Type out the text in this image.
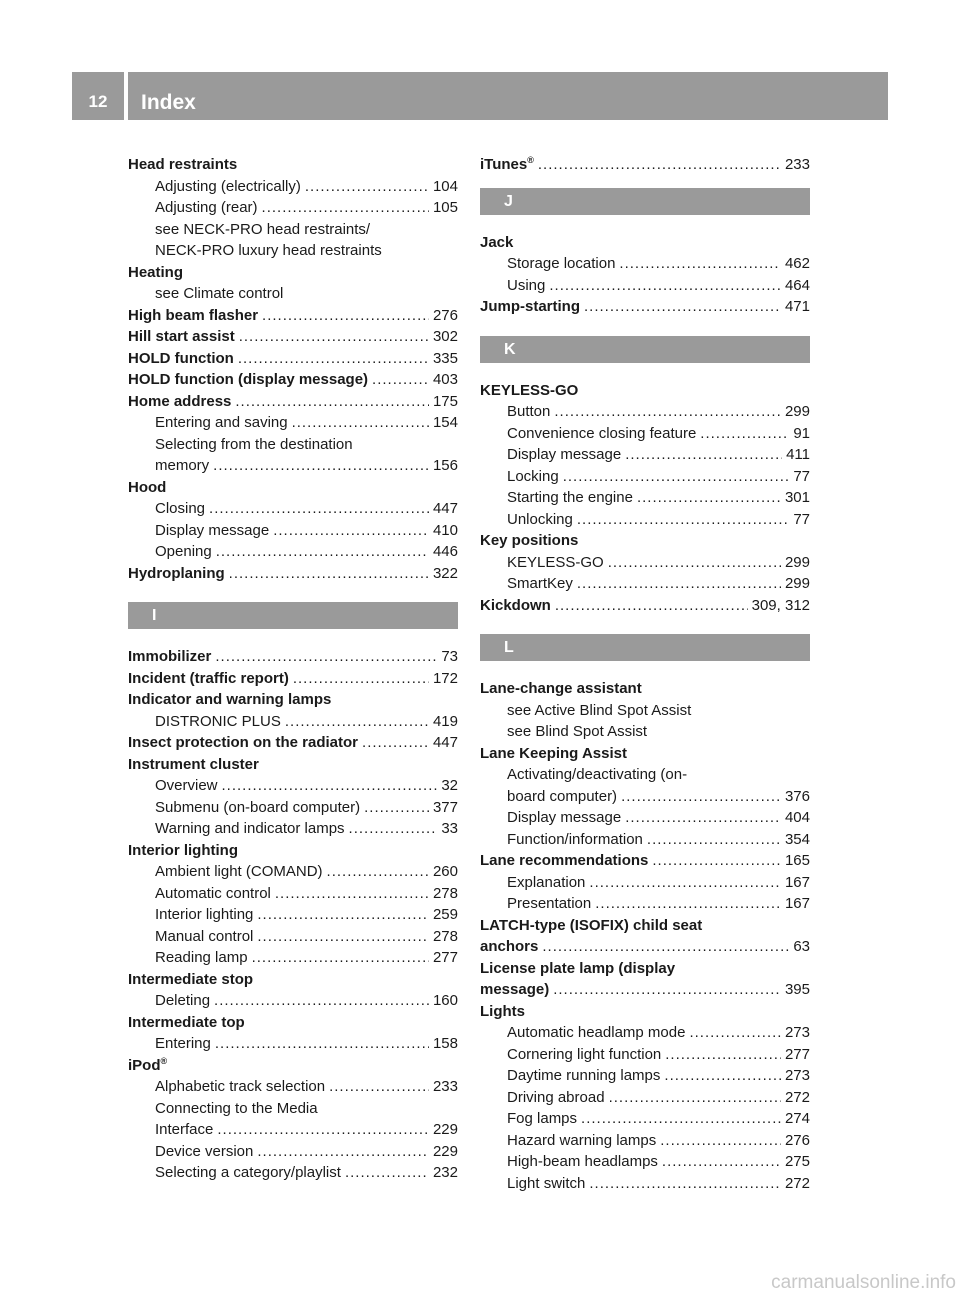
12	Index
Head restraints
Adjusting (electrically) .....	104
Adjusting (rear) .....	105
see NECK-PRO head restraints/
NECK-PRO luxury head restraints
Heating
see Climate control
High beam flasher .....	276
Hill start assist .....	302
HOLD function .....	335
HOLD function (display message) .....	403
Home address .....	175
Entering and saving .....	154
Selecting from the destination
memory .....	156
Hood
Closing .....	447
Display message .....	410
Opening .....	446
Hydroplaning .....	322
I
Immobilizer .....	73
Incident (traffic report) .....	172
Indicator and warning lamps
DISTRONIC PLUS .....	419
Insect protection on the radiator .....	447
Instrument cluster
Overview .....	32
Submenu (on-board computer) .....	377
Warning and indicator lamps .....	33
Interior lighting
Ambient light (COMAND) .....	260
Automatic control .....	278
Interior lighting .....	259
Manual control .....	278
Reading lamp .....	277
Intermediate stop
Deleting .....	160
Intermediate top
Entering .....	158
iPod®
Alphabetic track selection .....	233
Connecting to the Media
Interface .....	229
Device version .....	229
Selecting a category/playlist .....	232
iTunes® .....	233
J
Jack
Storage location .....	462
Using .....	464
Jump-starting .....	471
K
KEYLESS-GO
Button .....	299
Convenience closing feature .....	91
Display message .....	411
Locking .....	77
Starting the engine .....	301
Unlocking .....	77
Key positions
KEYLESS-GO .....	299
SmartKey .....	299
Kickdown .....	309, 312
L
Lane-change assistant
see Active Blind Spot Assist
see Blind Spot Assist
Lane Keeping Assist
Activating/deactivating (on-
board computer) .....	376
Display message .....	404
Function/information .....	354
Lane recommendations .....	165
Explanation .....	167
Presentation .....	167
LATCH-type (ISOFIX) child seat
anchors .....	63
License plate lamp (display
message) .....	395
Lights
Automatic headlamp mode .....	273
Cornering light function .....	277
Daytime running lamps .....	273
Driving abroad .....	272
Fog lamps .....	274
Hazard warning lamps .....	276
High-beam headlamps .....	275
Light switch .....	272
carmanualsonline.info
